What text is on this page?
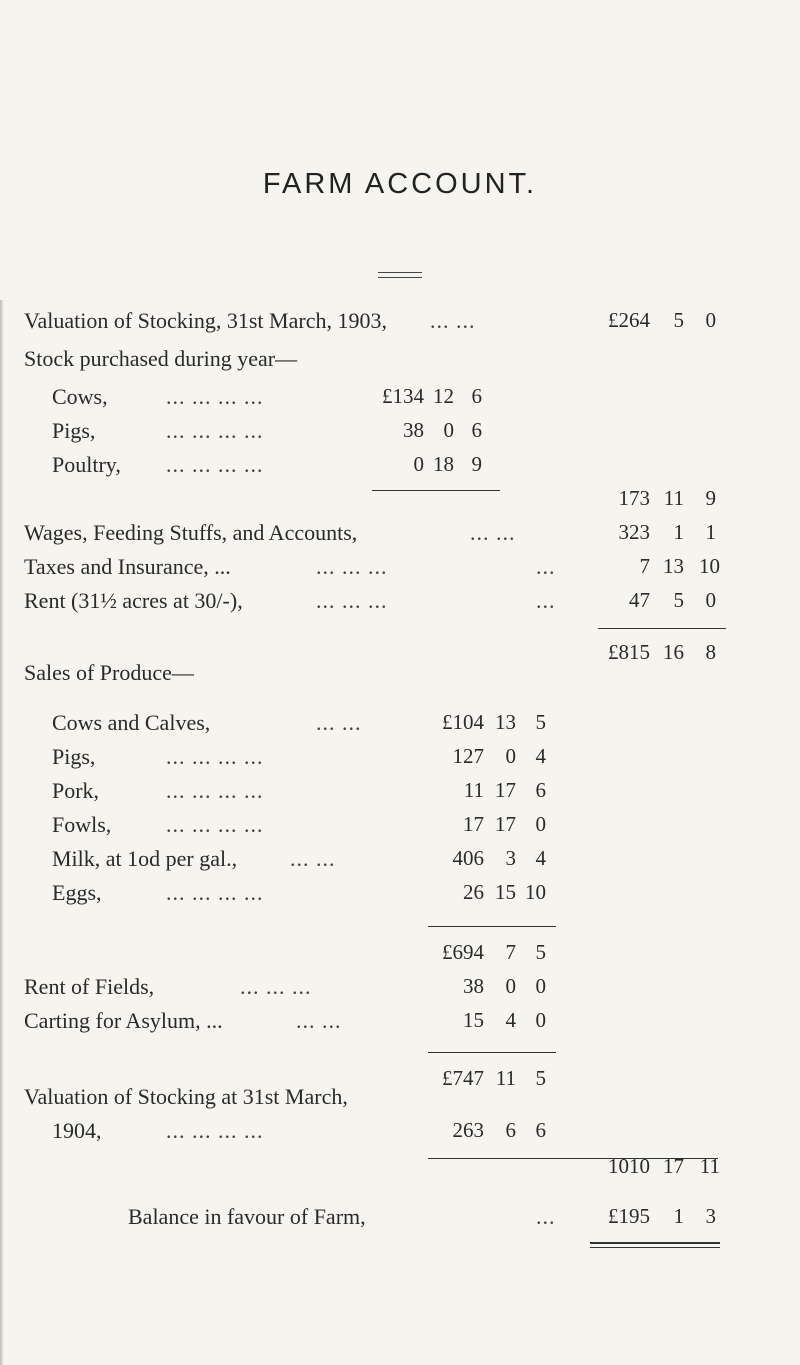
FARM ACCOUNT.
Valuation of Stocking, 31st March, 1903, ... ...	£264	5	0
Stock purchased during year—
Cows,	... ... ... ...	£134 12 6
Pigs,	... ... ... ...	38 0 6
Poultry, ... ... ... ...	0 18 9
173 11	9
Wages, Feeding Stuffs, and Accounts,	... ...	323	1	1
Taxes and Insurance, ...	... ... ...	...	7 13 10
Rent (31½ acres at 30/-),	... ... ...	...	47	5	0
£815 16	8
Sales of Produce—
Cows and Calves,	... ...	£104 13 5
Pigs,	... ... ... ...	127	0 4
Pork,	... ... ... ...	11 17 6
Fowls, ... ... ... ...	17 17 0
Milk, at 1od per gal., ... ...	406	3 4
Eggs,	... ... ... ...	26 15 10
£694	7 5
Rent of Fields,	... ... ...	38	0 0
Carting for Asylum, ...	... ...	15	4 0
£747 11 5
Valuation of Stocking at 31st March,
1904,	... ... ... ...	263	6 6
1010 17 11
Balance in favour of Farm,	...	£195	1	3
